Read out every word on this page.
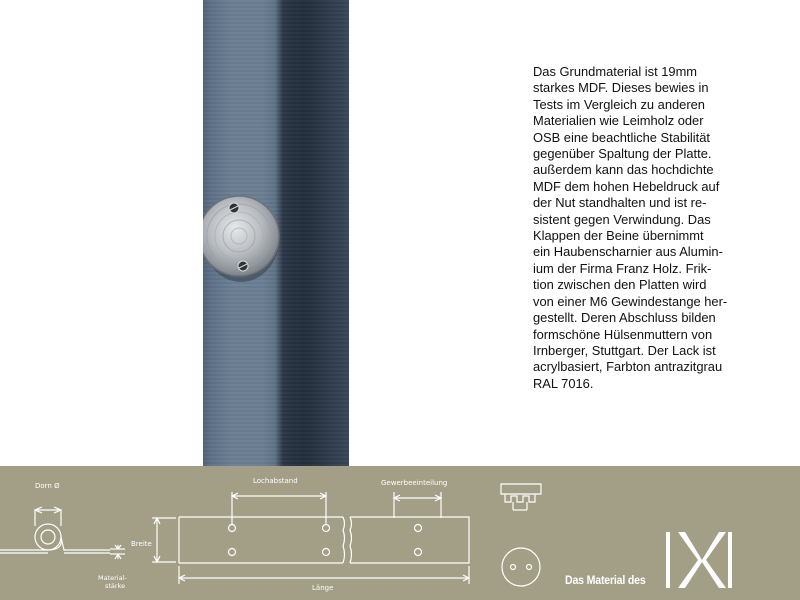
Das Grundmaterial ist 19mm
starkes MDF. Dieses bewies in
Tests im Vergleich zu anderen
Materialien wie Leimholz oder
OSB eine beachtliche Stabilität
gegenüber Spaltung der Platte.
außerdem kann das hochdichte
MDF dem hohen Hebeldruck auf
der Nut standhalten und ist re-
sistent gegen Verwindung. Das
Klappen der Beine übernimmt
ein Haubenscharnier aus Alumin-
ium der Firma Franz Holz. Frik-
tion zwischen den Platten wird
von einer M6 Gewindestange her-
gestellt. Deren Abschluss bilden
formschöne Hülsenmuttern von
Irnberger, Stuttgart. Der Lack ist
acrylbasiert, Farbton antrazitgrau
RAL 7016.

Dorn Ø
Material-
stärke
Breite
Lochabstand	Gewerbeeinteilung
Länge
Das Material des
